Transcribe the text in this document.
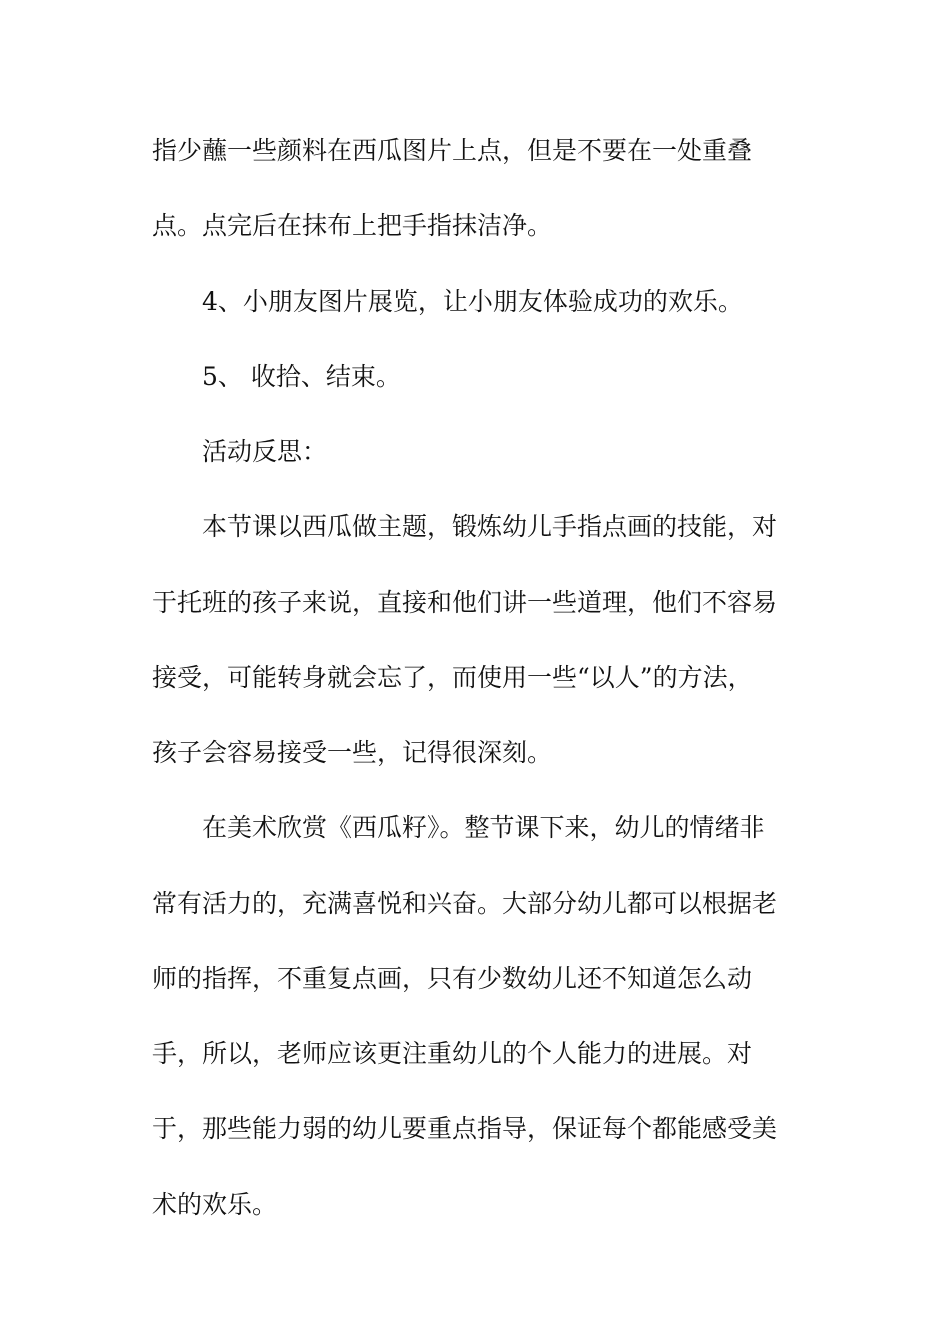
指少蘸一些颜料在西瓜图片上点，但是不要在一处重叠
点。点完后在抹布上把手指抹洁净。
4、小朋友图片展览，让小朋友体验成功的欢乐。
5、 收拾、结束。
活动反思：
本节课以西瓜做主题，锻炼幼儿手指点画的技能，对
于托班的孩子来说，直接和他们讲一些道理，他们不容易
接受，可能转身就会忘了，而使用一些“以人”的方法，
孩子会容易接受一些，记得很深刻。
在美术欣赏《西瓜籽》。整节课下来，幼儿的情绪非
常有活力的，充满喜悦和兴奋。大部分幼儿都可以根据老
师的指挥，不重复点画，只有少数幼儿还不知道怎么动
手，所以，老师应该更注重幼儿的个人能力的进展。对
于，那些能力弱的幼儿要重点指导，保证每个都能感受美
术的欢乐。
